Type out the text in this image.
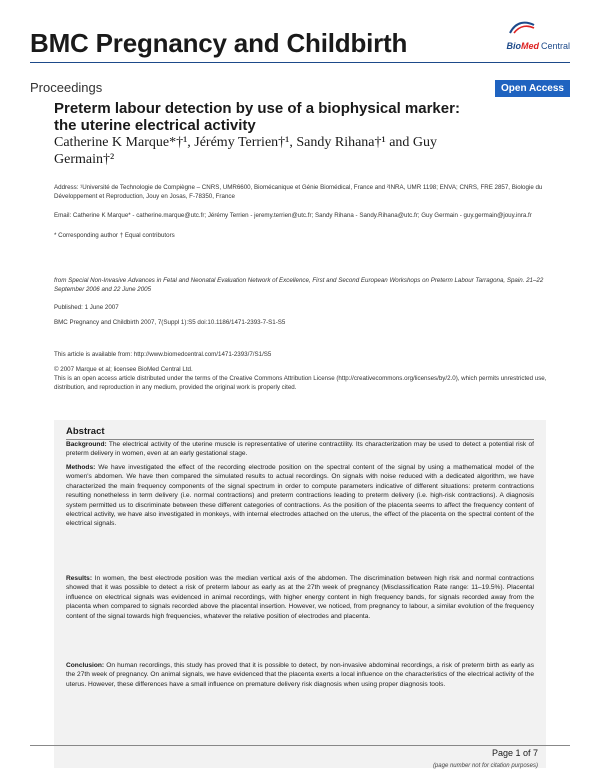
BMC Pregnancy and Childbirth	Bio Med Central
Proceedings	Open Access
Preterm labour detection by use of a biophysical marker: the uterine electrical activity
Catherine K Marque*†¹, Jérémy Terrien†¹, Sandy Rihana†¹ and Guy Germain†²
Address: ¹Université de Technologie de Compiègne – CNRS, UMR6600, Biomécanique et Génie Biomédical, France and ²INRA, UMR 1198; ENVA; CNRS, FRE 2857, Biologie du Développement et Reproduction, Jouy en Josas, F-78350, France
Email: Catherine K Marque* - catherine.marque@utc.fr; Jérémy Terrien - jeremy.terrien@utc.fr; Sandy Rihana - Sandy.Rihana@utc.fr; Guy Germain - guy.germain@jouy.inra.fr
* Corresponding author † Equal contributors
from Special Non-Invasive Advances in Fetal and Neonatal Evaluation Network of Excellence, First and Second European Workshops on Preterm Labour Tarragona, Spain. 21–22 September 2006 and 22 June 2005
Published: 1 June 2007
BMC Pregnancy and Childbirth 2007, 7(Suppl 1):S5 doi:10.1186/1471-2393-7-S1-S5
This article is available from: http://www.biomedcentral.com/1471-2393/7/S1/S5
© 2007 Marque et al; licensee BioMed Central Ltd.
This is an open access article distributed under the terms of the Creative Commons Attribution License (http://creativecommons.org/licenses/by/2.0), which permits unrestricted use, distribution, and reproduction in any medium, provided the original work is properly cited.
Abstract
Background: The electrical activity of the uterine muscle is representative of uterine contractility. Its characterization may be used to detect a potential risk of preterm delivery in women, even at an early gestational stage.
Methods: We have investigated the effect of the recording electrode position on the spectral content of the signal by using a mathematical model of the women's abdomen. We have then compared the simulated results to actual recordings. On signals with noise reduced with a dedicated algorithm, we have characterized the main frequency components of the signal spectrum in order to compute parameters indicative of different situations: preterm contractions resulting nonetheless in term delivery (i.e. normal contractions) and preterm contractions leading to preterm delivery (i.e. high-risk contractions). A diagnosis system permitted us to discriminate between these different categories of contractions. As the position of the placenta seems to affect the frequency content of electrical activity, we have also investigated in monkeys, with internal electrodes attached on the uterus, the effect of the placenta on the spectral content of the electrical signals.
Results: In women, the best electrode position was the median vertical axis of the abdomen. The discrimination between high risk and normal contractions showed that it was possible to detect a risk of preterm labour as early as at the 27th week of pregnancy (Misclassification Rate range: 11–19.5%). Placental influence on electrical signals was evidenced in animal recordings, with higher energy content in high frequency bands, for signals recorded away from the placenta when compared to signals recorded above the placental insertion. However, we noticed, from pregnancy to labour, a similar evolution of the frequency content of the signal towards high frequencies, whatever the relative position of electrodes and placenta.
Conclusion: On human recordings, this study has proved that it is possible to detect, by non-invasive abdominal recordings, a risk of preterm birth as early as the 27th week of pregnancy. On animal signals, we have evidenced that the placenta exerts a local influence on the characteristics of the electrical activity of the uterus. However, these differences have a small influence on premature delivery risk diagnosis when using proper diagnosis tools.
Page 1 of 7
(page number not for citation purposes)
